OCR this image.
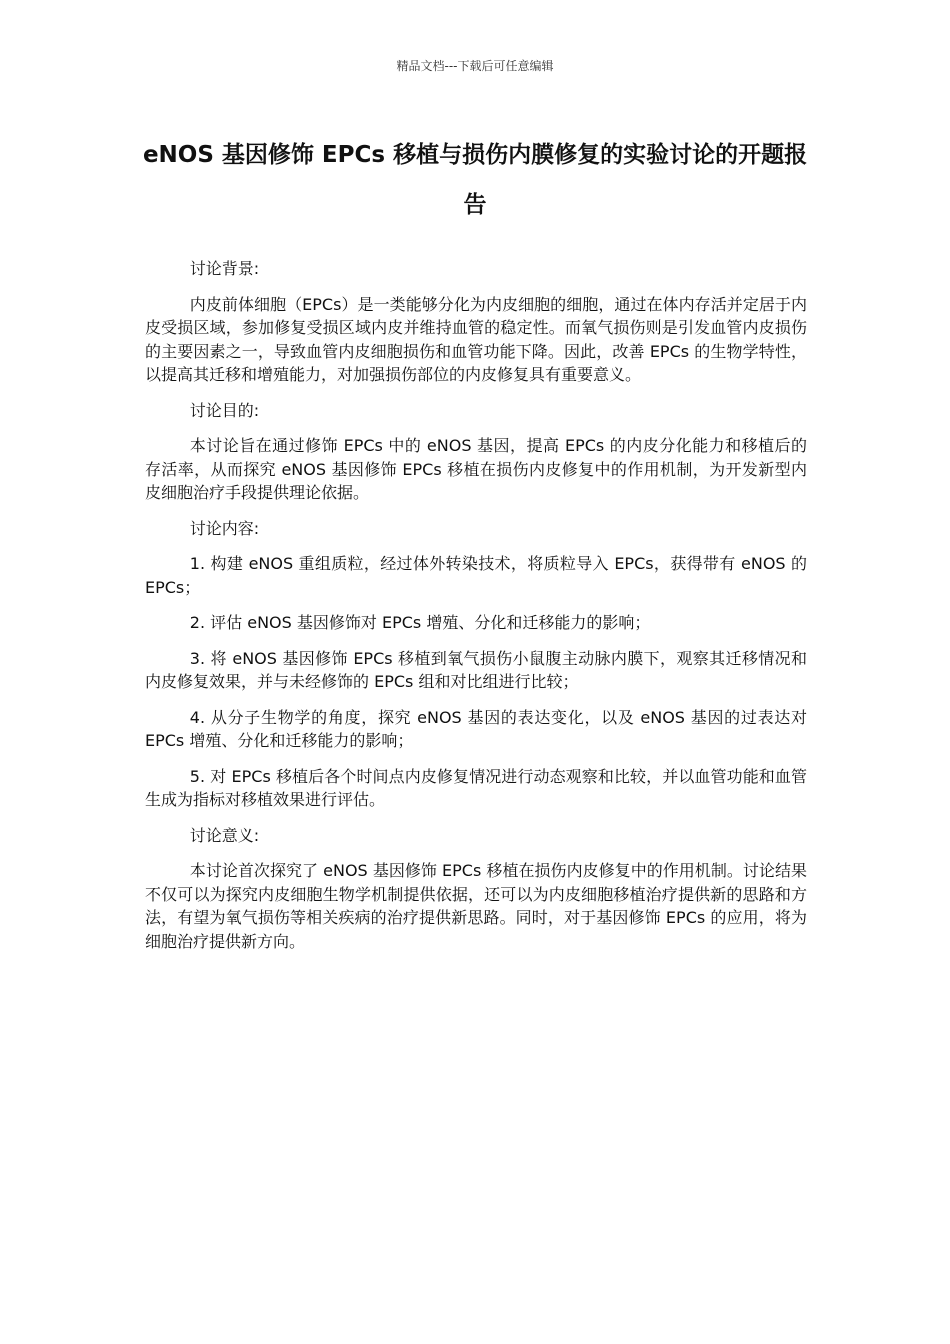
精品文档---下载后可任意编辑
eNOS 基因修饰 EPCs 移植与损伤内膜修复的实验讨论的开题报告

讨论背景:

内皮前体细胞（EPCs）是一类能够分化为内皮细胞的细胞，通过在体内存活并定居于内皮受损区域，参加修复受损区域内皮并维持血管的稳定性。而氧气损伤则是引发血管内皮损伤的主要因素之一，导致血管内皮细胞损伤和血管功能下降。因此，改善 EPCs 的生物学特性，以提高其迁移和增殖能力，对加强损伤部位的内皮修复具有重要意义。

讨论目的:

本讨论旨在通过修饰 EPCs 中的 eNOS 基因，提高 EPCs 的内皮分化能力和移植后的存活率，从而探究 eNOS 基因修饰 EPCs 移植在损伤内皮修复中的作用机制，为开发新型内皮细胞治疗手段提供理论依据。

讨论内容:

1. 构建 eNOS 重组质粒，经过体外转染技术，将质粒导入 EPCs，获得带有 eNOS 的 EPCs；

2. 评估 eNOS 基因修饰对 EPCs 增殖、分化和迁移能力的影响；

3. 将 eNOS 基因修饰 EPCs 移植到氧气损伤小鼠腹主动脉内膜下，观察其迁移情况和内皮修复效果，并与未经修饰的 EPCs 组和对比组进行比较；

4. 从分子生物学的角度，探究 eNOS 基因的表达变化，以及 eNOS 基因的过表达对 EPCs 增殖、分化和迁移能力的影响；

5. 对 EPCs 移植后各个时间点内皮修复情况进行动态观察和比较，并以血管功能和血管生成为指标对移植效果进行评估。

讨论意义:

本讨论首次探究了 eNOS 基因修饰 EPCs 移植在损伤内皮修复中的作用机制。讨论结果不仅可以为探究内皮细胞生物学机制提供依据，还可以为内皮细胞移植治疗提供新的思路和方法，有望为氧气损伤等相关疾病的治疗提供新思路。同时，对于基因修饰 EPCs 的应用，将为细胞治疗提供新方向。
